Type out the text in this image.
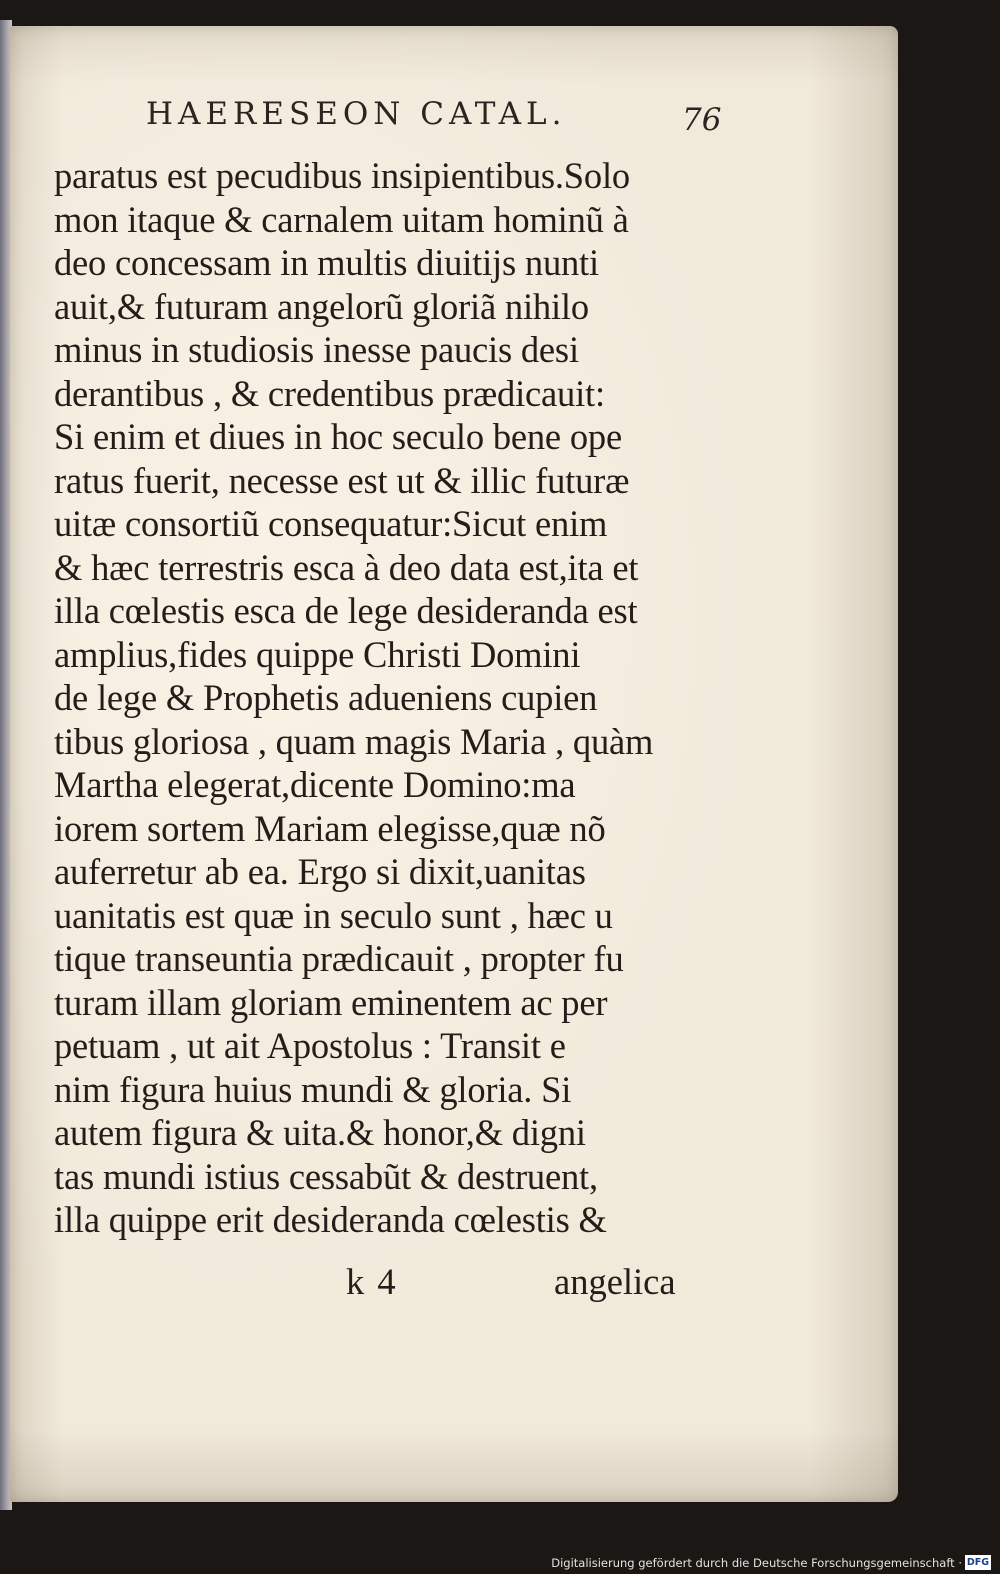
HAERESEON CATAL.	76
paratus est pecudibus insipientibus.Solo
mon itaque & carnalem uitam hominũ à
deo concessam in multis diuitijs nunti
auit,& futuram angelorũ gloriã nihilo
minus in studiosis inesse paucis desi
derantibus , & credentibus prædicauit:
Si enim et diues in hoc seculo bene ope
ratus fuerit, necesse est ut & illic futuræ
uitæ consortiũ consequatur:Sicut enim
& hæc terrestris esca à deo data est,ita et
illa cœlestis esca de lege desideranda est
amplius,fides quippe Christi Domini
de lege & Prophetis adueniens cupien
tibus gloriosa , quam magis Maria , quàm
Martha elegerat,dicente Domino:ma
iorem sortem Mariam elegisse,quæ nõ
auferretur ab ea. Ergo si dixit,uanitas
uanitatis est quæ in seculo sunt , hæc u
tique transeuntia prædicauit , propter fu
turam illam gloriam eminentem ac per
petuam , ut ait Apostolus : Transit e
nim figura huius mundi & gloria. Si
autem figura & uita.& honor,& digni
tas mundi istius cessabũt & destruent,
illa quippe erit desideranda cœlestis &
k 4	angelica
Digitalisierung gefördert durch die Deutsche Forschungsgemeinschaft · DFG
